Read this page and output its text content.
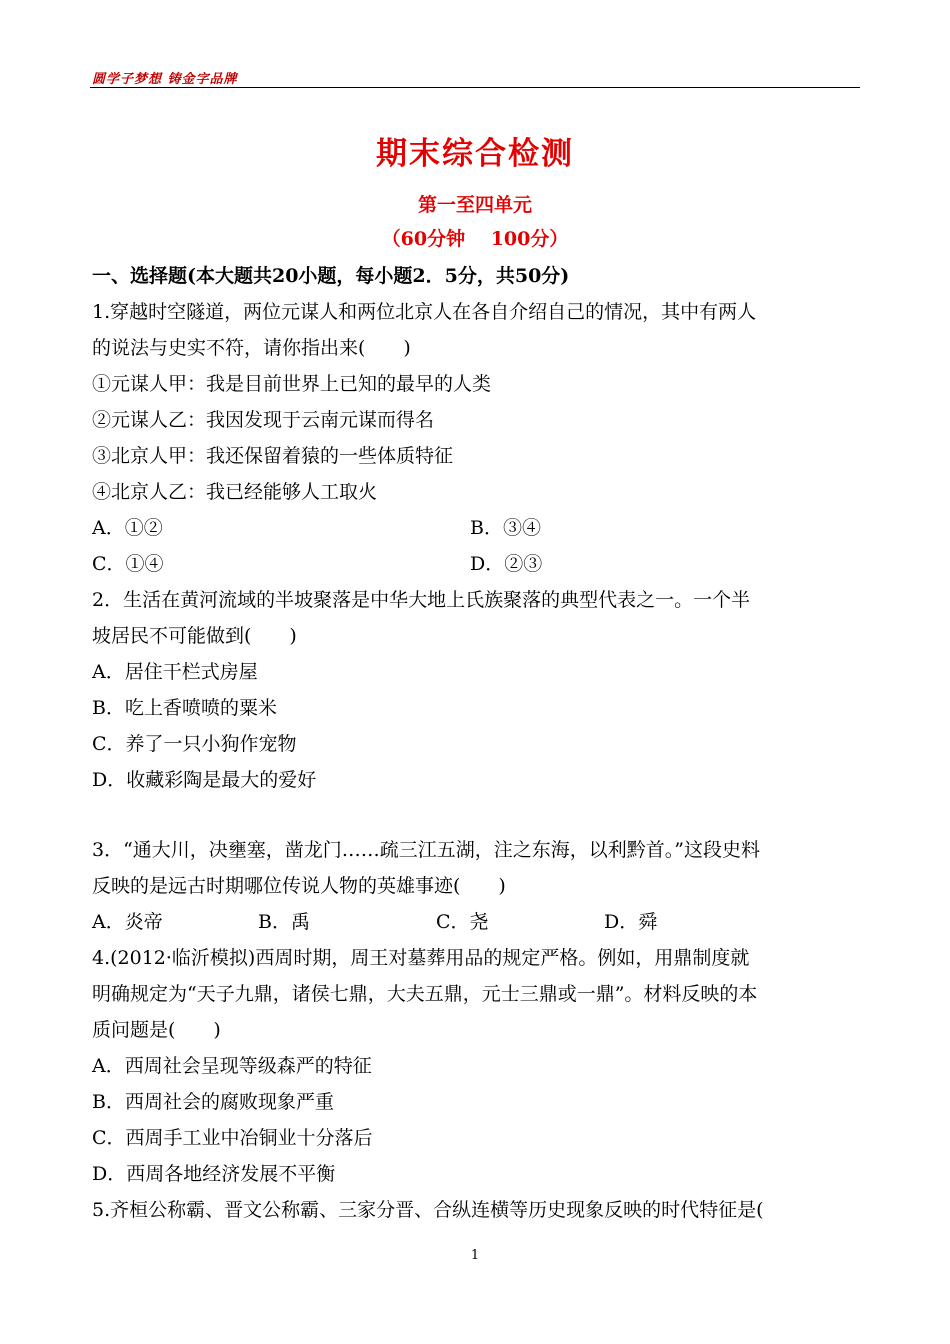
圆学子梦想 铸金字品牌
期末综合检测
第一至四单元
（60分钟　 100分）
一、选择题(本大题共20小题，每小题2．5分，共50分)
1.穿越时空隧道，两位元谋人和两位北京人在各自介绍自己的情况，其中有两人
的说法与史实不符，请你指出来(　　)
①元谋人甲：我是目前世界上已知的最早的人类
②元谋人乙：我因发现于云南元谋而得名
③北京人甲：我还保留着猿的一些体质特征
④北京人乙：我已经能够人工取火
A．①②	B．③④
C．①④	D．②③
2．生活在黄河流域的半坡聚落是中华大地上氏族聚落的典型代表之一。一个半
坡居民不可能做到(　　)
A．居住干栏式房屋
B．吃上香喷喷的粟米
C．养了一只小狗作宠物
D．收藏彩陶是最大的爱好
3．“通大川，决壅塞，凿龙门……疏三江五湖，注之东海，以利黔首。”这段史料
反映的是远古时期哪位传说人物的英雄事迹(　　)
A．炎帝	B．禹	C．尧	D．舜
4.(2012·临沂模拟)西周时期，周王对墓葬用品的规定严格。例如，用鼎制度就
明确规定为“天子九鼎，诸侯七鼎，大夫五鼎，元士三鼎或一鼎”。材料反映的本
质问题是(　　)
A．西周社会呈现等级森严的特征
B．西周社会的腐败现象严重
C．西周手工业中冶铜业十分落后
D．西周各地经济发展不平衡
5.齐桓公称霸、晋文公称霸、三家分晋、合纵连横等历史现象反映的时代特征是(
1
